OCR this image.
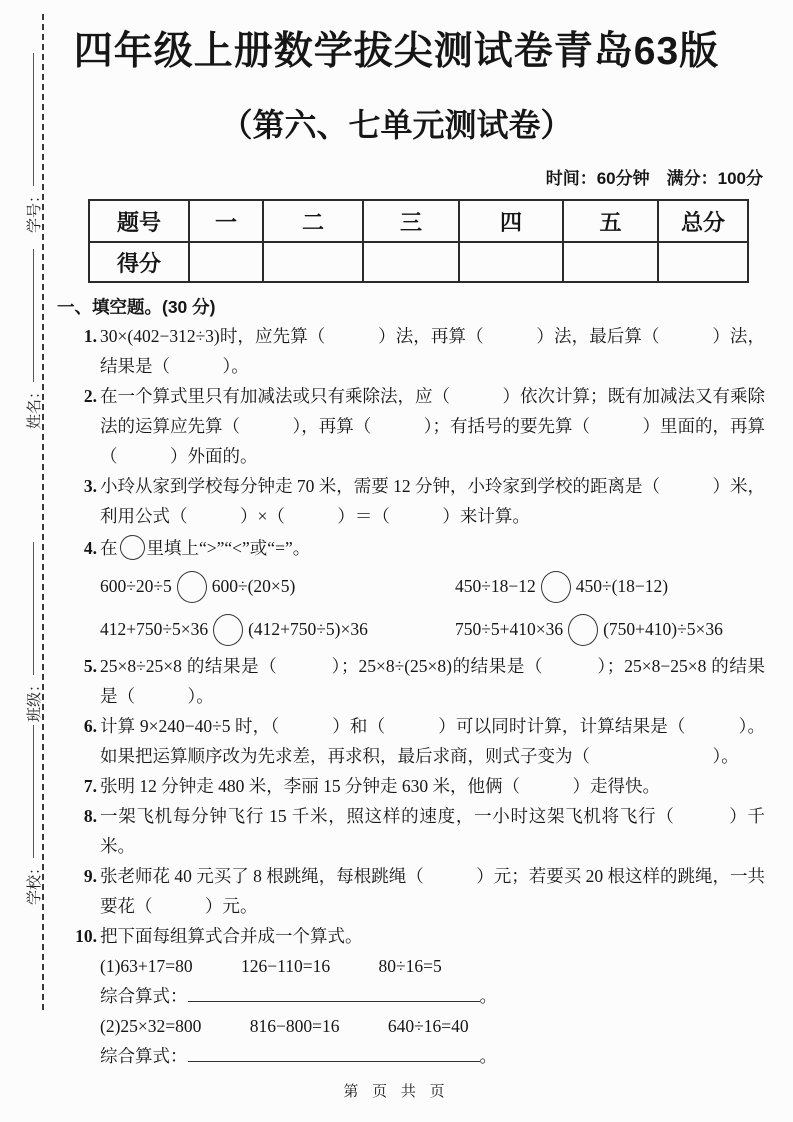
学号：
姓名：
班级：
学校：
四年级上册数学拔尖测试卷青岛63版
（第六、七单元测试卷）
时间：60分钟　满分：100分
题号	一	二	三	四	五	总分
得分						
一、填空题。(30 分)
1. 30×(402−312÷3)时，应先算（　　　）法，再算（　　　）法，最后算（　　　）法，结果是（　　　）。
2. 在一个算式里只有加减法或只有乘除法，应（　　　）依次计算；既有加减法又有乘除法的运算应先算（　　　），再算（　　　）；有括号的要先算（　　　）里面的，再算（　　　）外面的。
3. 小玲从家到学校每分钟走 70 米，需要 12 分钟，小玲家到学校的距离是（　　　）米，利用公式（　　　）×（　　　）＝（　　　）来计算。
4. 在 里填上“>”“<”或“=”。
600÷20÷5 600÷(20×5)	450÷18−12 450÷(18−12)
412+750÷5×36 (412+750÷5)×36	750÷5+410×36 (750+410)÷5×36
5. 25×8÷25×8 的结果是（　　　）；25×8÷(25×8)的结果是（　　　）；25×8−25×8 的结果是（　　　）。
6. 计算 9×240−40÷5 时，（　　　）和（　　　）可以同时计算，计算结果是（　　　）。如果把运算顺序改为先求差，再求积，最后求商，则式子变为（　　　　　　　）。
7. 张明 12 分钟走 480 米，李丽 15 分钟走 630 米，他俩（　　　）走得快。
8. 一架飞机每分钟飞行 15 千米，照这样的速度，一小时这架飞机将飞行（　　　）千米。
9. 张老师花 40 元买了 8 根跳绳，每根跳绳（　　　）元；若要买 20 根这样的跳绳，一共要花（　　　）元。
10. 把下面每组算式合并成一个算式。
(1)63+17=80	126−110=16	80÷16=5
综合算式：	。
(2)25×32=800	816−800=16	640÷16=40
综合算式：	。
第 页 共 页
